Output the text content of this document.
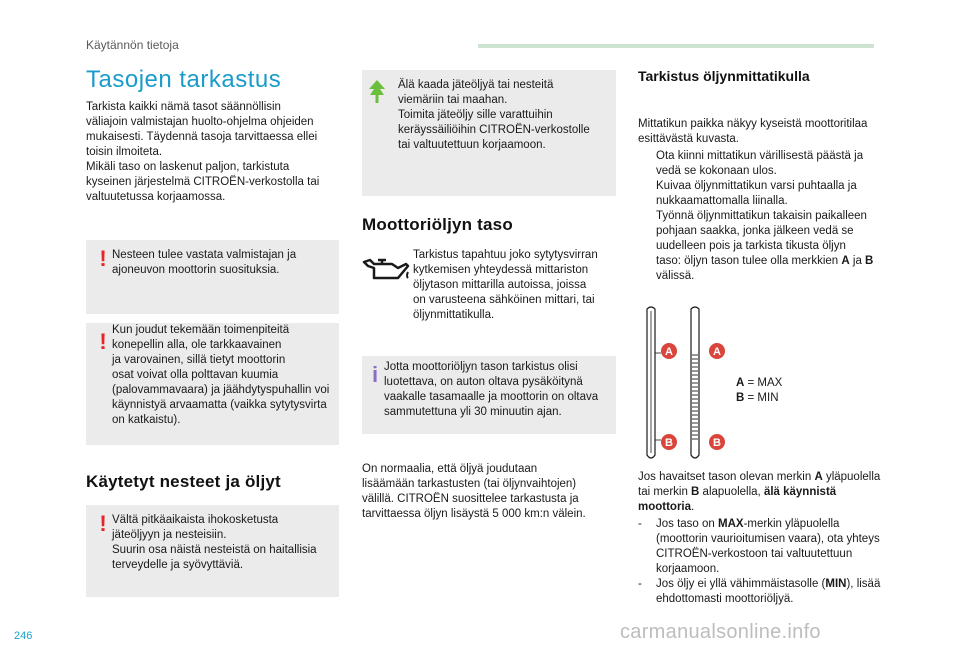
Käytännön tietoja
246	carmanualsonline.info
Tasojen tarkastus
Tarkista kaikki nämä tasot säännöllisin
väliajoin valmistajan huolto-ohjelma ohjeiden
mukaisesti. Täydennä tasoja tarvittaessa ellei
toisin ilmoiteta.
Mikäli taso on laskenut paljon, tarkistuta
kyseinen järjestelmä CITROËN-verkostolla tai
valtuutetussa korjaamossa.
! Nesteen tulee vastata valmistajan ja
ajoneuvon moottorin suosituksia.
! Kun joudut tekemään toimenpiteitä
konepellin alla, ole tarkkaavainen
ja varovainen, sillä tietyt moottorin
osat voivat olla polttavan kuumia
(palovammavaara) ja jäähdytyspuhallin voi
käynnistyä arvaamatta (vaikka sytytysvirta
on katkaistu).
Käytetyt nesteet ja öljyt
! Vältä pitkäaikaista ihokosketusta
jäteöljyyn ja nesteisiin.
Suurin osa näistä nesteistä on haitallisia
terveydelle ja syövyttäviä.
Älä kaada jäteöljyä tai nesteitä
viemäriin tai maahan.
Toimita jäteöljy sille varattuihin
keräyssäiliöihin CITROËN-verkostolle
tai valtuutettuun korjaamoon.
Moottoriöljyn taso
Tarkistus tapahtuu joko sytytysvirran
kytkemisen yhteydessä mittariston
öljytason mittarilla autoissa, joissa
on varusteena sähköinen mittari, tai
öljynmittatikulla.
i Jotta moottoriöljyn tason tarkistus olisi
luotettava, on auton oltava pysäköitynä
vaakalle tasamaalle ja moottorin on oltava
sammutettuna yli 30 minuutin ajan.
On normaalia, että öljyä joudutaan
lisäämään tarkastusten (tai öljynvaihtojen)
välillä. CITROËN suosittelee tarkastusta ja
tarvittaessa öljyn lisäystä 5 000 km:n välein.
Tarkistus öljynmittatikulla
Mittatikun paikka näkyy kyseistä moottoritilaa
esittävästä kuvasta.
Ota kiinni mittatikun värillisestä päästä ja
vedä se kokonaan ulos.
Kuivaa öljynmittatikun varsi puhtaalla ja
nukkaamattomalla liinalla.
Työnnä öljynmittatikun takaisin paikalleen
pohjaan saakka, jonka jälkeen vedä se
uudelleen pois ja tarkista tikusta öljyn
taso: öljyn tason tulee olla merkkien A ja B
välissä.
A	A
B	B
A = MAX
B = MIN
Jos havaitset tason olevan merkin A yläpuolella
tai merkin B alapuolella, älä käynnistä
moottoria.
- Jos taso on MAX-merkin yläpuolella
(moottorin vaurioitumisen vaara), ota yhteys
CITROËN-verkostoon tai valtuutettuun
korjaamoon.
- Jos öljy ei yllä vähimmäistasolle (MIN), lisää
ehdottomasti moottoriöljyä.
